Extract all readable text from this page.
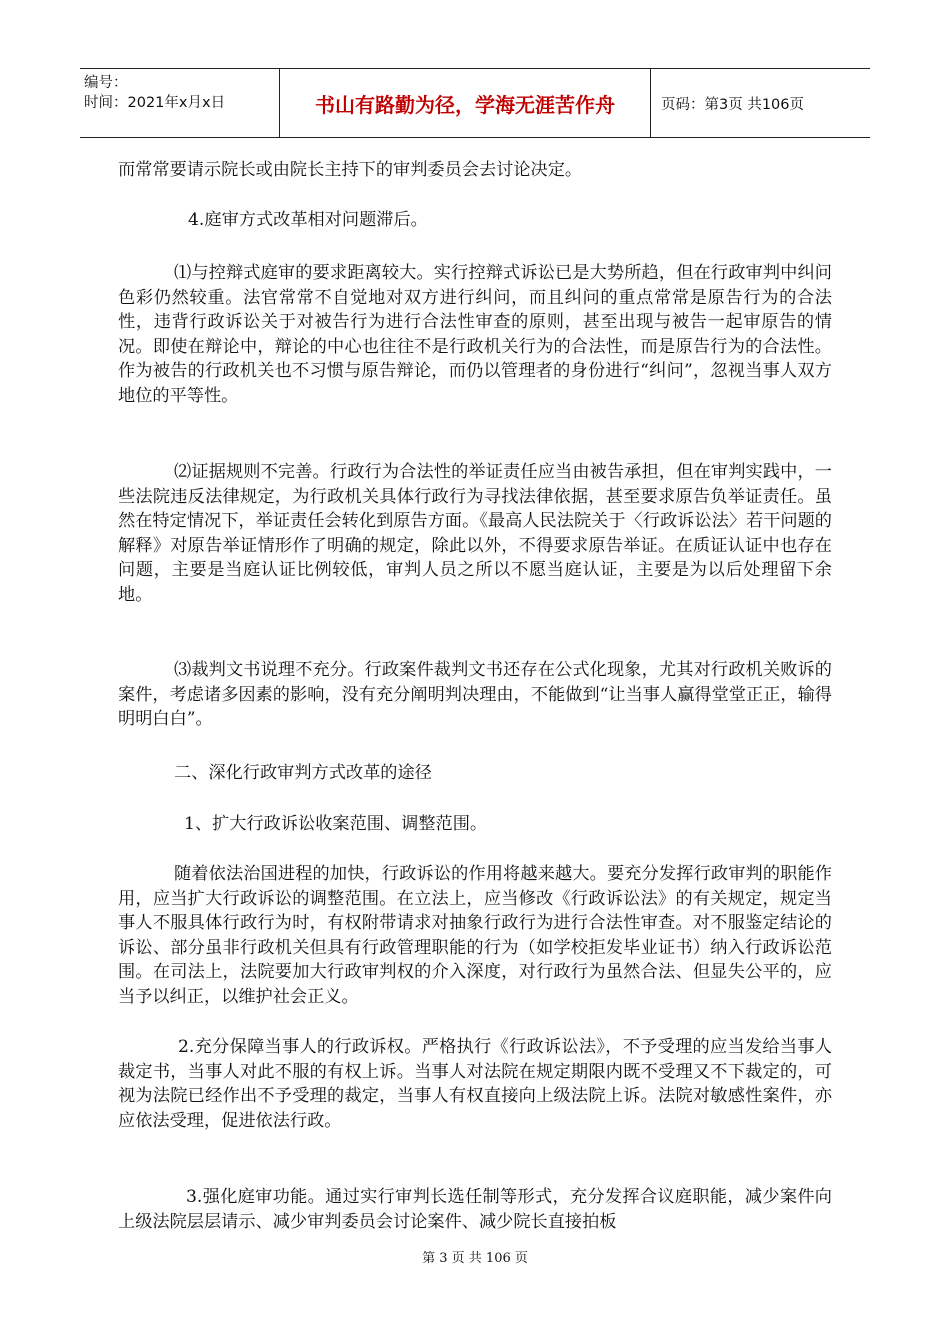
编号：
时间：2021年x月x日	书山有路勤为径，学海无涯苦作舟	页码：第3页 共106页

而常常要请示院长或由院长主持下的审判委员会去讨论决定。

4.庭审方式改革相对问题滞后。

⑴与控辩式庭审的要求距离较大。实行控辩式诉讼已是大势所趋，但在行政审判中纠问色彩仍然较重。法官常常不自觉地对双方进行纠问，而且纠问的重点常常是原告行为的合法性，违背行政诉讼关于对被告行为进行合法性审查的原则，甚至出现与被告一起审原告的情况。即使在辩论中，辩论的中心也往往不是行政机关行为的合法性，而是原告行为的合法性。作为被告的行政机关也不习惯与原告辩论，而仍以管理者的身份进行“纠问”，忽视当事人双方地位的平等性。

⑵证据规则不完善。行政行为合法性的举证责任应当由被告承担，但在审判实践中，一些法院违反法律规定，为行政机关具体行政行为寻找法律依据，甚至要求原告负举证责任。虽然在特定情况下，举证责任会转化到原告方面。《最高人民法院关于〈行政诉讼法〉若干问题的解释》对原告举证情形作了明确的规定，除此以外，不得要求原告举证。在质证认证中也存在问题，主要是当庭认证比例较低，审判人员之所以不愿当庭认证，主要是为以后处理留下余地。

⑶裁判文书说理不充分。行政案件裁判文书还存在公式化现象，尤其对行政机关败诉的案件，考虑诸多因素的影响，没有充分阐明判决理由，不能做到“让当事人赢得堂堂正正，输得明明白白”。

二、深化行政审判方式改革的途径

1、扩大行政诉讼收案范围、调整范围。

随着依法治国进程的加快，行政诉讼的作用将越来越大。要充分发挥行政审判的职能作用，应当扩大行政诉讼的调整范围。在立法上，应当修改《行政诉讼法》的有关规定，规定当事人不服具体行政行为时，有权附带请求对抽象行政行为进行合法性审查。对不服鉴定结论的诉讼、部分虽非行政机关但具有行政管理职能的行为（如学校拒发毕业证书）纳入行政诉讼范围。在司法上，法院要加大行政审判权的介入深度，对行政行为虽然合法、但显失公平的，应当予以纠正，以维护社会正义。

2.充分保障当事人的行政诉权。严格执行《行政诉讼法》，不予受理的应当发给当事人裁定书，当事人对此不服的有权上诉。当事人对法院在规定期限内既不受理又不下裁定的，可视为法院已经作出不予受理的裁定，当事人有权直接向上级法院上诉。法院对敏感性案件，亦应依法受理，促进依法行政。

3.强化庭审功能。通过实行审判长选任制等形式，充分发挥合议庭职能，减少案件向上级法院层层请示、减少审判委员会讨论案件、减少院长直接拍板

第 3 页 共 106 页
